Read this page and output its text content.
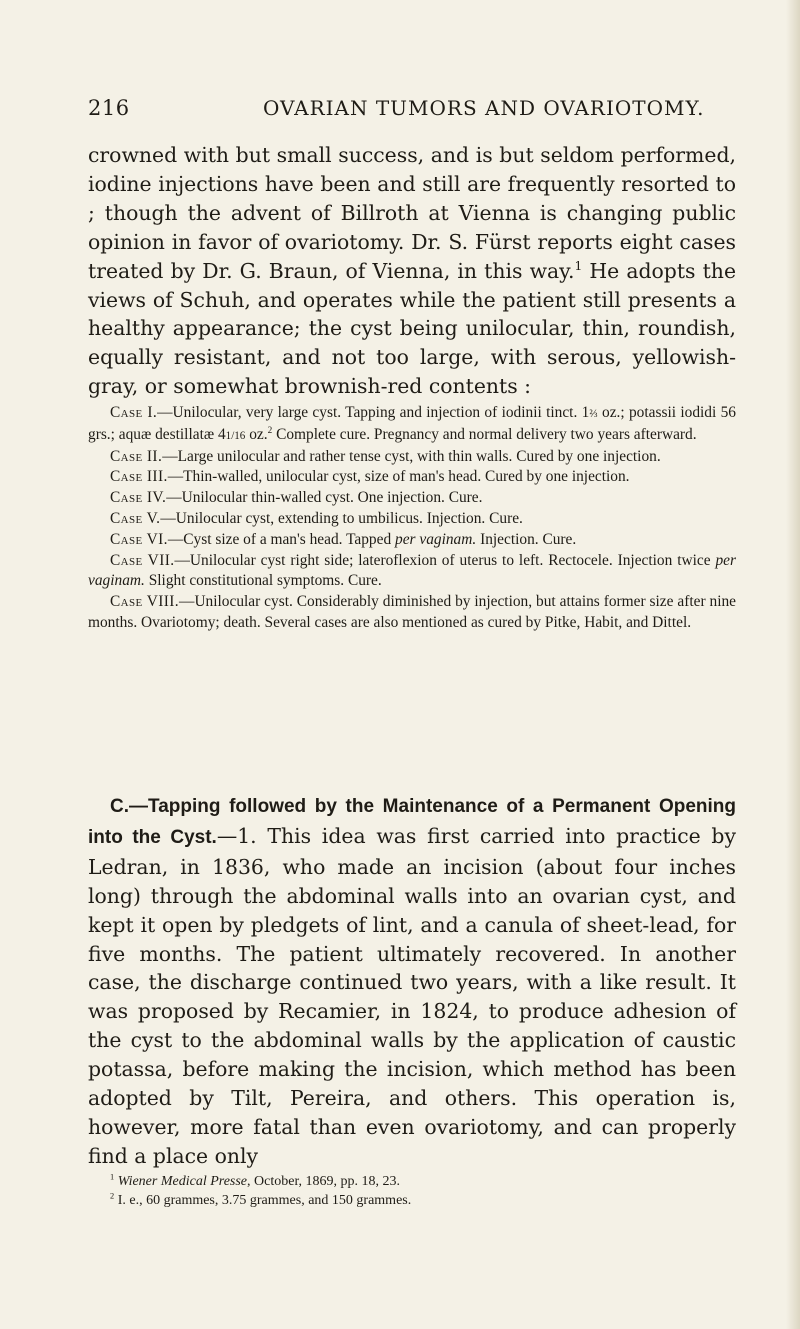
216	OVARIAN TUMORS AND OVARIOTOMY.

crowned with but small success, and is but seldom performed, iodine injections have been and still are frequently resorted to ; though the advent of Billroth at Vienna is changing public opinion in favor of ovariotomy. Dr. S. Fürst reports eight cases treated by Dr. G. Braun, of Vienna, in this way.$^1$ He adopts the views of Schuh, and operates while the patient still presents a healthy appearance; the cyst being unilocular, thin, roundish, equally resistant, and not too large, with serous, yellowish-gray, or somewhat brownish-red contents :

Case I.—Unilocular, very large cyst. Tapping and injection of iodinii tinct. 1⅔ oz.; potassii iodidi 56 grs.; aquæ destillatæ 41/16 oz.$^2$ Complete cure. Pregnancy and normal delivery two years afterward.

Case II.—Large unilocular and rather tense cyst, with thin walls. Cured by one injection.

Case III.—Thin-walled, unilocular cyst, size of man's head. Cured by one injection.

Case IV.—Unilocular thin-walled cyst. One injection. Cure.

Case V.—Unilocular cyst, extending to umbilicus. Injection. Cure.

Case VI.—Cyst size of a man's head. Tapped per vaginam. Injection. Cure.

Case VII.—Unilocular cyst right side; lateroflexion of uterus to left. Rectocele. Injection twice per vaginam. Slight constitutional symptoms. Cure.

Case VIII.—Unilocular cyst. Considerably diminished by injection, but attains former size after nine months. Ovariotomy; death. Several cases are also mentioned as cured by Pitke, Habit, and Dittel.

C.—Tapping followed by the Maintenance of a Permanent Opening into the Cyst.—1. This idea was first carried into practice by Ledran, in 1836, who made an incision (about four inches long) through the abdominal walls into an ovarian cyst, and kept it open by pledgets of lint, and a canula of sheet-lead, for five months. The patient ultimately recovered. In another case, the discharge continued two years, with a like result. It was proposed by Recamier, in 1824, to produce adhesion of the cyst to the abdominal walls by the application of caustic potassa, before making the incision, which method has been adopted by Tilt, Pereira, and others. This operation is, however, more fatal than even ovariotomy, and can properly find a place only

$^1$ Wiener Medical Presse, October, 1869, pp. 18, 23.

$^2$ I. e., 60 grammes, 3.75 grammes, and 150 grammes.
